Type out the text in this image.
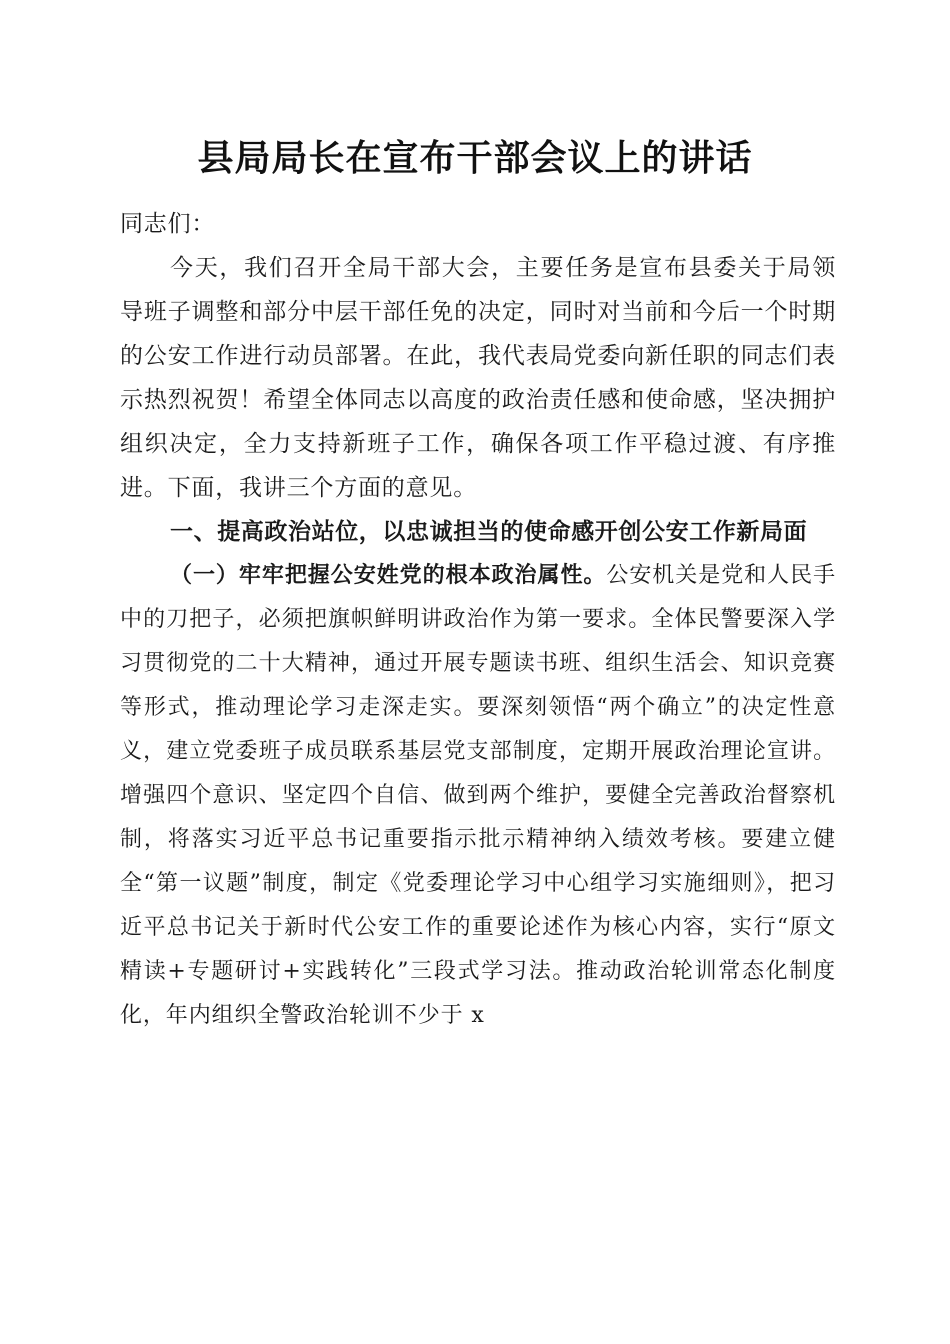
县局局长在宣布干部会议上的讲话

同志们：

今天，我们召开全局干部大会，主要任务是宣布县委关于局领导班子调整和部分中层干部任免的决定，同时对当前和今后一个时期的公安工作进行动员部署。在此，我代表局党委向新任职的同志们表示热烈祝贺！希望全体同志以高度的政治责任感和使命感，坚决拥护组织决定，全力支持新班子工作，确保各项工作平稳过渡、有序推进。下面，我讲三个方面的意见。

一、提高政治站位，以忠诚担当的使命感开创公安工作新局面

（一）牢牢把握公安姓党的根本政治属性。公安机关是党和人民手中的刀把子，必须把旗帜鲜明讲政治作为第一要求。全体民警要深入学习贯彻党的二十大精神，通过开展专题读书班、组织生活会、知识竞赛等形式，推动理论学习走深走实。要深刻领悟“两个确立”的决定性意义，建立党委班子成员联系基层党支部制度，定期开展政治理论宣讲。增强四个意识、坚定四个自信、做到两个维护，要健全完善政治督察机制，将落实习近平总书记重要指示批示精神纳入绩效考核。要建立健全“第一议题”制度，制定《党委理论学习中心组学习实施细则》，把习近平总书记关于新时代公安工作的重要论述作为核心内容，实行“原文精读+专题研讨+实践转化”三段式学习法。推动政治轮训常态化制度化，年内组织全警政治轮训不少于 x
